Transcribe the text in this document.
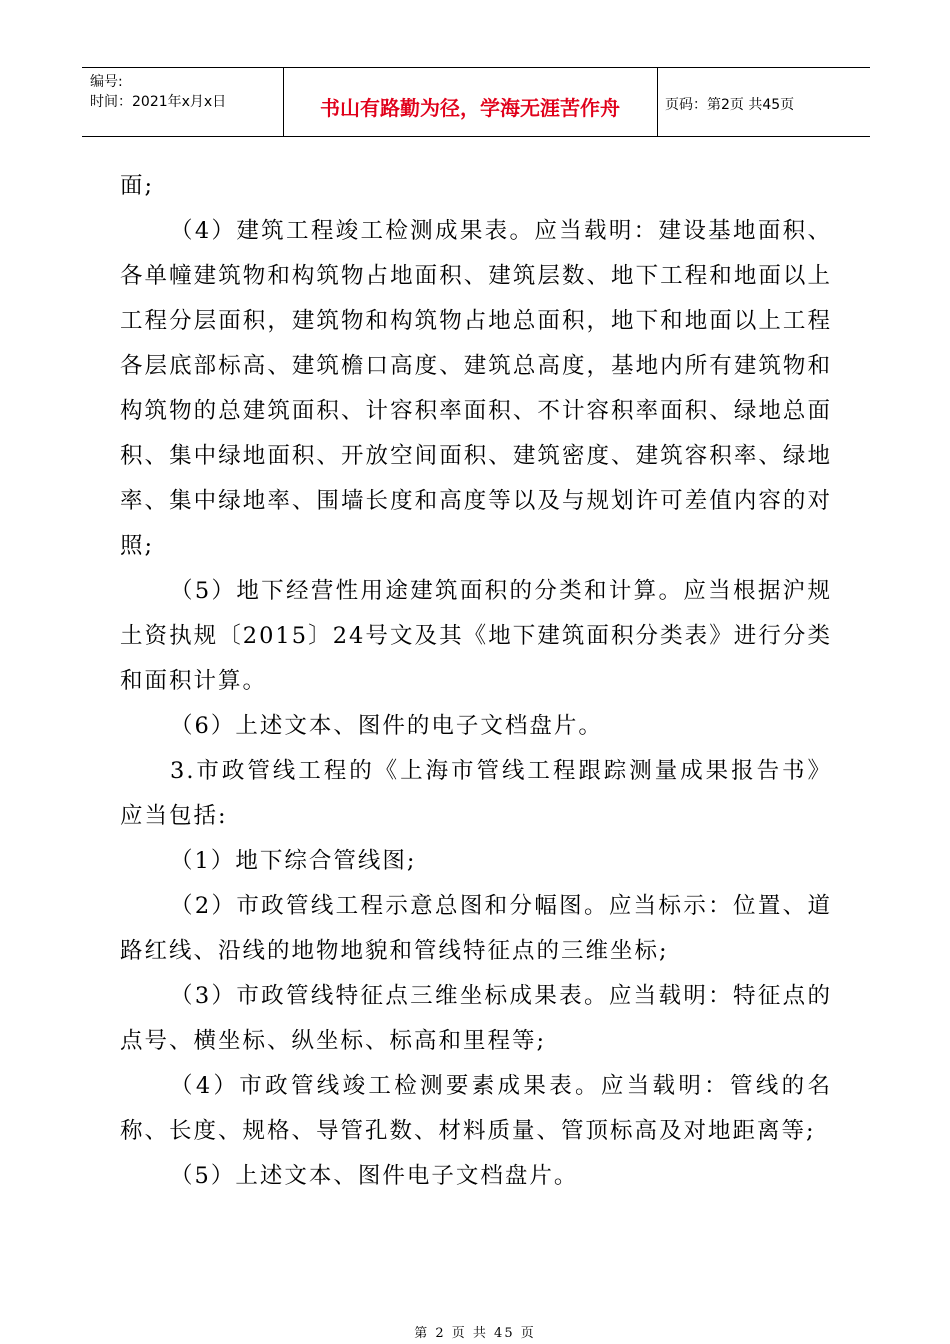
编号:
时间：2021年x月x日	书山有路勤为径，学海无涯苦作舟	页码：第2页 共45页

面;

（4）建筑工程竣工检测成果表。应当载明：建设基地面积、各单幢建筑物和构筑物占地面积、建筑层数、地下工程和地面以上工程分层面积，建筑物和构筑物占地总面积，地下和地面以上工程各层底部标高、建筑檐口高度、建筑总高度，基地内所有建筑物和构筑物的总建筑面积、计容积率面积、不计容积率面积、绿地总面积、集中绿地面积、开放空间面积、建筑密度、建筑容积率、绿地率、集中绿地率、围墙长度和高度等以及与规划许可差值内容的对照;

（5）地下经营性用途建筑面积的分类和计算。应当根据沪规土资执规〔2015〕24号文及其《地下建筑面积分类表》进行分类和面积计算。

（6）上述文本、图件的电子文档盘片。

3.市政管线工程的《上海市管线工程跟踪测量成果报告书》应当包括:

（1）地下综合管线图;

（2）市政管线工程示意总图和分幅图。应当标示：位置、道路红线、沿线的地物地貌和管线特征点的三维坐标;

（3）市政管线特征点三维坐标成果表。应当载明：特征点的点号、横坐标、纵坐标、标高和里程等;

（4）市政管线竣工检测要素成果表。应当载明：管线的名称、长度、规格、导管孔数、材料质量、管顶标高及对地距离等;

（5）上述文本、图件电子文档盘片。

第 2 页 共 45 页
